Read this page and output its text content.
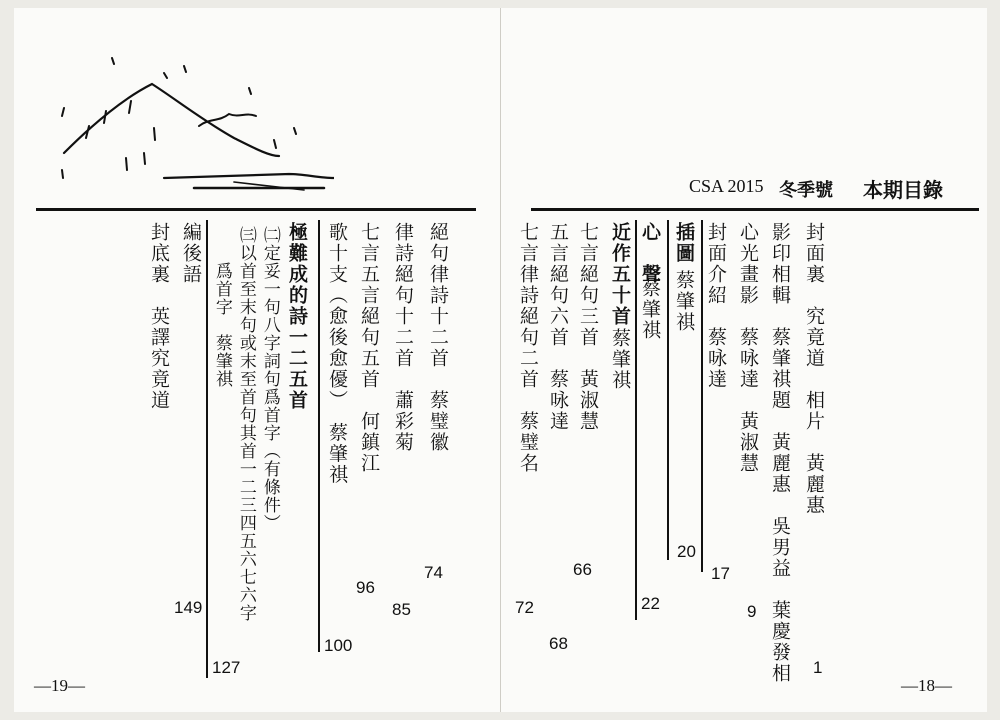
絕句律詩十二首　蔡璧徽
74
律詩絕句十二首　蕭彩菊
85
七言五言絕句五首　何鎮江
96
歌十支（愈後愈優）　蔡肇祺
100
極難成的詩一二五首
㈡定妥一句八字詞句爲首字（有條件）
㈢以首至末句或末至首句其首一二三四五六七六字
爲首字　蔡肇祺
127
編後語
149
封底裏　英譯究竟道
—19—
CSA 2015 冬季號 本期目錄
封面裏　究竟道　相片　黃麗惠
1
影印相輯　蔡肇祺題　黃麗惠　吳男益　葉慶發相
心光畫影　蔡咏達　黃淑慧
9
封面介紹　蔡咏達
17
插圖
蔡肇祺
20
心　聲
蔡肇祺
22
近作五十首
蔡肇祺
七言絕句三首　黃淑慧
66
五言絕句六首　蔡咏達
68
七言律詩絕句二首　蔡璧名
72
—18—
